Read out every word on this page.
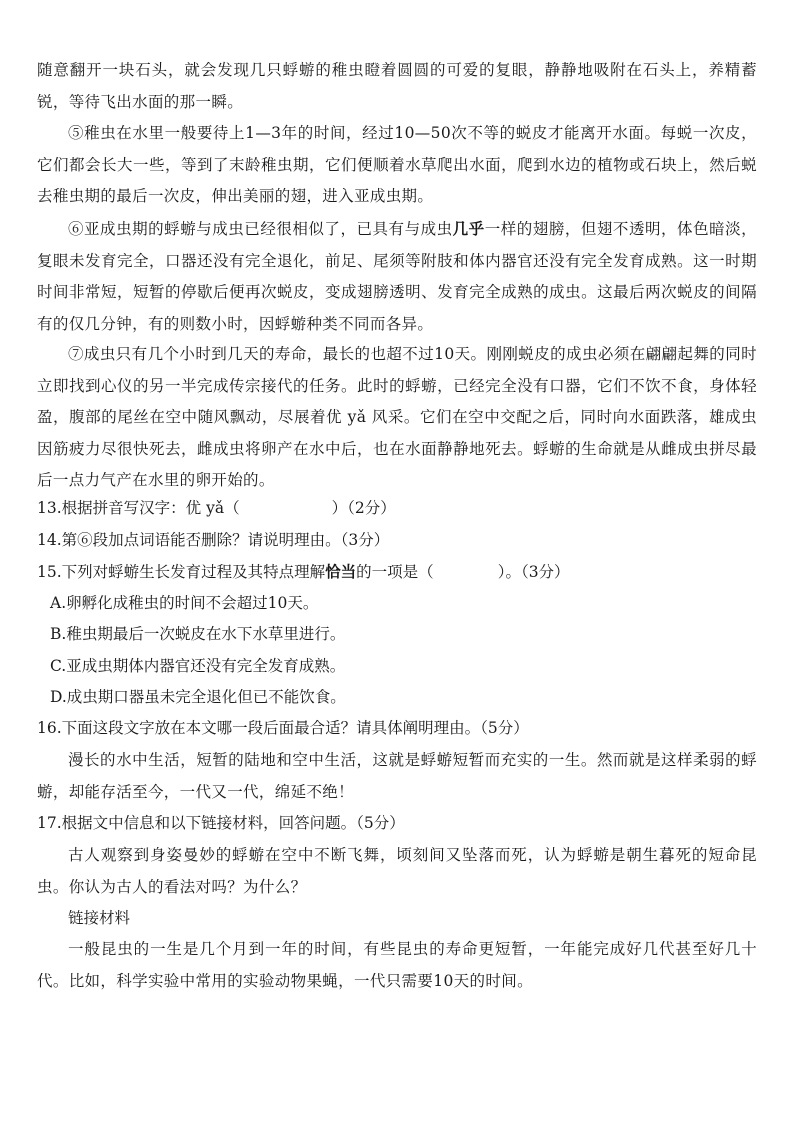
随意翻开一块石头，就会发现几只蜉蝣的稚虫瞪着圆圆的可爱的复眼，静静地吸附在石头上，养精蓄锐，等待飞出水面的那一瞬。

⑤稚虫在水里一般要待上1—3年的时间，经过10—50次不等的蜕皮才能离开水面。每蜕一次皮，它们都会长大一些，等到了末龄稚虫期，它们便顺着水草爬出水面，爬到水边的植物或石块上，然后蜕去稚虫期的最后一次皮，伸出美丽的翅，进入亚成虫期。

⑥亚成虫期的蜉蝣与成虫已经很相似了，已具有与成虫几乎一样的翅膀，但翅不透明，体色暗淡，复眼未发育完全，口器还没有完全退化，前足、尾须等附肢和体内器官还没有完全发育成熟。这一时期时间非常短，短暂的停歇后便再次蜕皮，变成翅膀透明、发育完全成熟的成虫。这最后两次蜕皮的间隔有的仅几分钟，有的则数小时，因蜉蝣种类不同而各异。

⑦成虫只有几个小时到几天的寿命，最长的也超不过10天。刚刚蜕皮的成虫必须在翩翩起舞的同时立即找到心仪的另一半完成传宗接代的任务。此时的蜉蝣，已经完全没有口器，它们不饮不食，身体轻盈，腹部的尾丝在空中随风飘动，尽展着优 yǎ 风采。它们在空中交配之后，同时向水面跌落，雄成虫因筋疲力尽很快死去，雌成虫将卵产在水中后，也在水面静静地死去。蜉蝣的生命就是从雌成虫拼尽最后一点力气产在水里的卵开始的。

13.根据拼音写汉字：优 yǎ（	）（2分）

14.第⑥段加点词语能否删除？请说明理由。（3分）

15.下列对蜉蝣生长发育过程及其特点理解恰当的一项是（	）。（3分）

A.卵孵化成稚虫的时间不会超过10天。

B.稚虫期最后一次蜕皮在水下水草里进行。

C.亚成虫期体内器官还没有完全发育成熟。

D.成虫期口器虽未完全退化但已不能饮食。

16.下面这段文字放在本文哪一段后面最合适？请具体阐明理由。（5分）

漫长的水中生活，短暂的陆地和空中生活，这就是蜉蝣短暂而充实的一生。然而就是这样柔弱的蜉蝣，却能存活至今，一代又一代，绵延不绝！

17.根据文中信息和以下链接材料，回答问题。（5分）

古人观察到身姿曼妙的蜉蝣在空中不断飞舞，顷刻间又坠落而死，认为蜉蝣是朝生暮死的短命昆虫。你认为古人的看法对吗？为什么？

链接材料

一般昆虫的一生是几个月到一年的时间，有些昆虫的寿命更短暂，一年能完成好几代甚至好几十代。比如，科学实验中常用的实验动物果蝇，一代只需要10天的时间。
